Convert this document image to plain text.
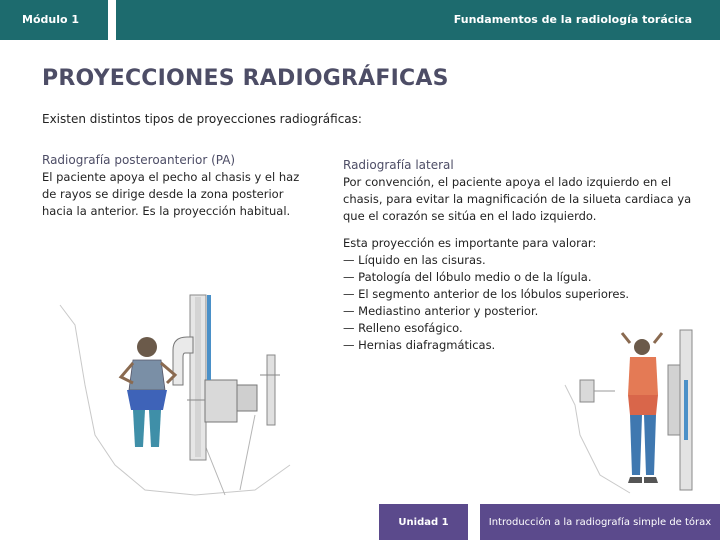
Módulo 1	Fundamentos de la radiología torácica
PROYECCIONES RADIOGRÁFICAS

Existen distintos tipos de proyecciones radiográficas:

Radiografía posteroanterior (PA)

El paciente apoya el pecho al chasis y el haz de rayos se dirige desde la zona posterior hacia la anterior. Es la proyección habitual.

Radiografía lateral

Por convención, el paciente apoya el lado izquierdo en el chasis, para evitar la magnificación de la silueta cardiaca ya que el corazón se sitúa en el lado izquierdo.

Esta proyección es importante para valorar:

— Líquido en las cisuras.
— Patología del lóbulo medio o de la lígula.
— El segmento anterior de los lóbulos superiores.
— Mediastino anterior y posterior.
— Relleno esofágico.
— Hernias diafragmáticas.
Unidad 1	Introducción a la radiografía simple de tórax
